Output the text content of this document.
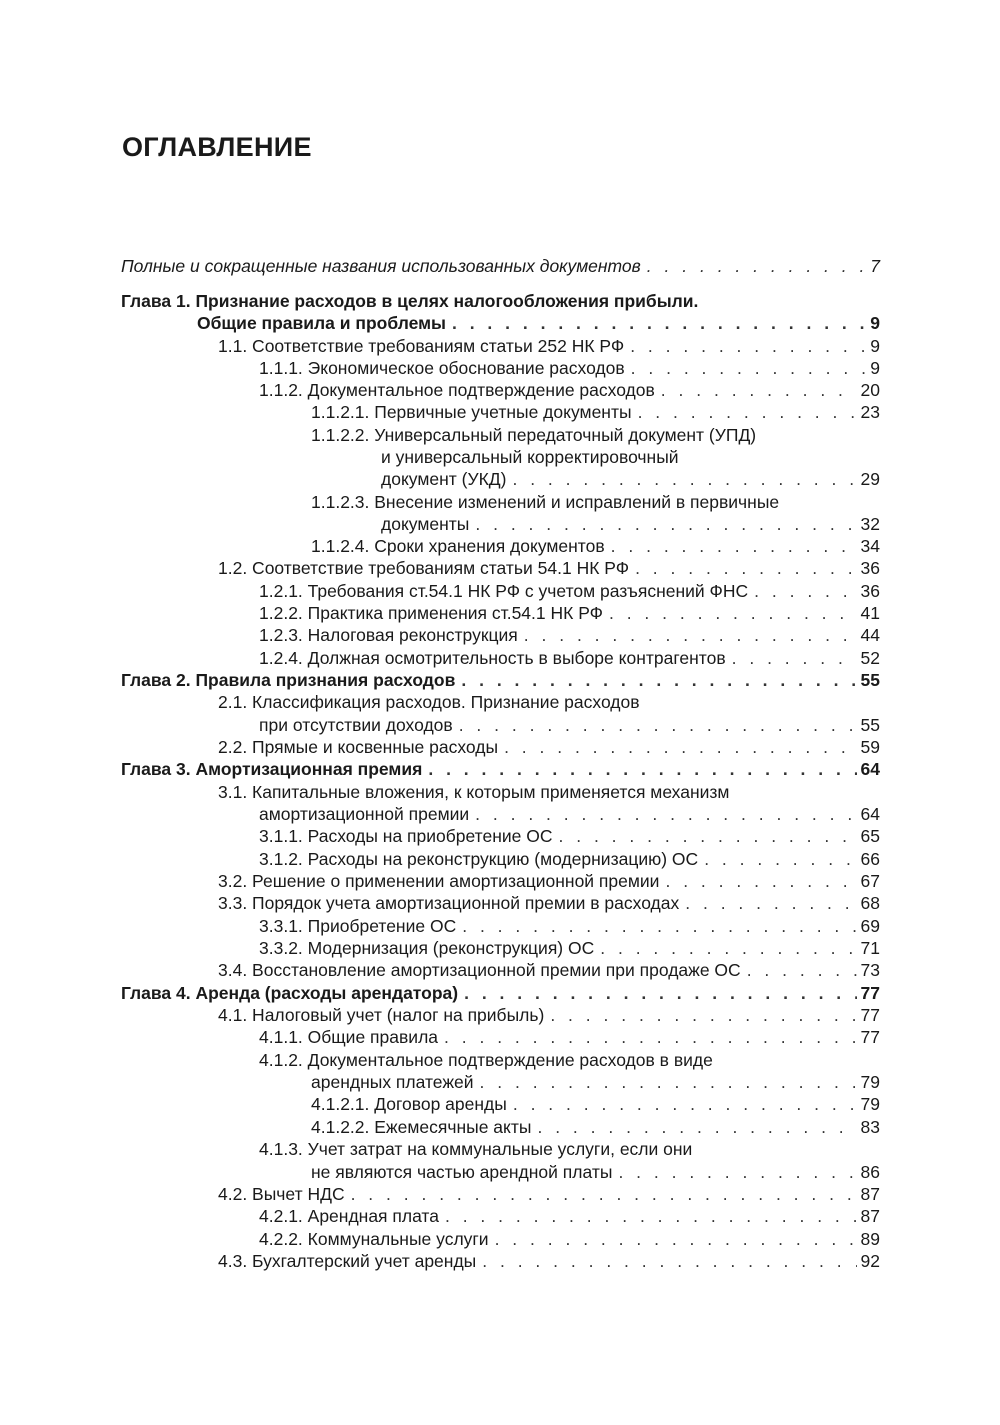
ОГЛАВЛЕНИЕ
Полные и сокращенные названия использованных документов . . .	7
Глава 1. Признание расходов в целях налогообложения прибыли.
Общие правила и проблемы . . .	9
1.1. Соответствие требованиям статьи 252 НК РФ . . .	9
1.1.1. Экономическое обоснование расходов . . .	9
1.1.2. Документальное подтверждение расходов . . .	20
1.1.2.1. Первичные учетные документы . . .	23
1.1.2.2. Универсальный передаточный документ (УПД)
и универсальный корректировочный
документ (УКД) . . .	29
1.1.2.3. Внесение изменений и исправлений в первичные
документы . . .	32
1.1.2.4. Сроки хранения документов . . .	34
1.2. Соответствие требованиям статьи 54.1 НК РФ . . .	36
1.2.1. Требования ст.54.1 НК РФ с учетом разъяснений ФНС . . .	36
1.2.2. Практика применения ст.54.1 НК РФ . . .	41
1.2.3. Налоговая реконструкция . . .	44
1.2.4. Должная осмотрительность в выборе контрагентов . . .	52
Глава 2. Правила признания расходов . . .	55
2.1. Классификация расходов. Признание расходов
при отсутствии доходов . . .	55
2.2. Прямые и косвенные расходы . . .	59
Глава 3. Амортизационная премия . . .	64
3.1. Капитальные вложения, к которым применяется механизм
амортизационной премии . . .	64
3.1.1. Расходы на приобретение ОС . . .	65
3.1.2. Расходы на реконструкцию (модернизацию) ОС . . .	66
3.2. Решение о применении амортизационной премии . . .	67
3.3. Порядок учета амортизационной премии в расходах . . .	68
3.3.1. Приобретение ОС . . .	69
3.3.2. Модернизация (реконструкция) ОС . . .	71
3.4. Восстановление амортизационной премии при продаже ОС . . .	73
Глава 4. Аренда (расходы арендатора) . . .	77
4.1. Налоговый учет (налог на прибыль) . . .	77
4.1.1. Общие правила . . .	77
4.1.2. Документальное подтверждение расходов в виде
арендных платежей . . .	79
4.1.2.1. Договор аренды . . .	79
4.1.2.2. Ежемесячные акты . . .	83
4.1.3. Учет затрат на коммунальные услуги, если они
не являются частью арендной платы . . .	86
4.2. Вычет НДС . . .	87
4.2.1. Арендная плата . . .	87
4.2.2. Коммунальные услуги . . .	89
4.3. Бухгалтерский учет аренды . . .	92
